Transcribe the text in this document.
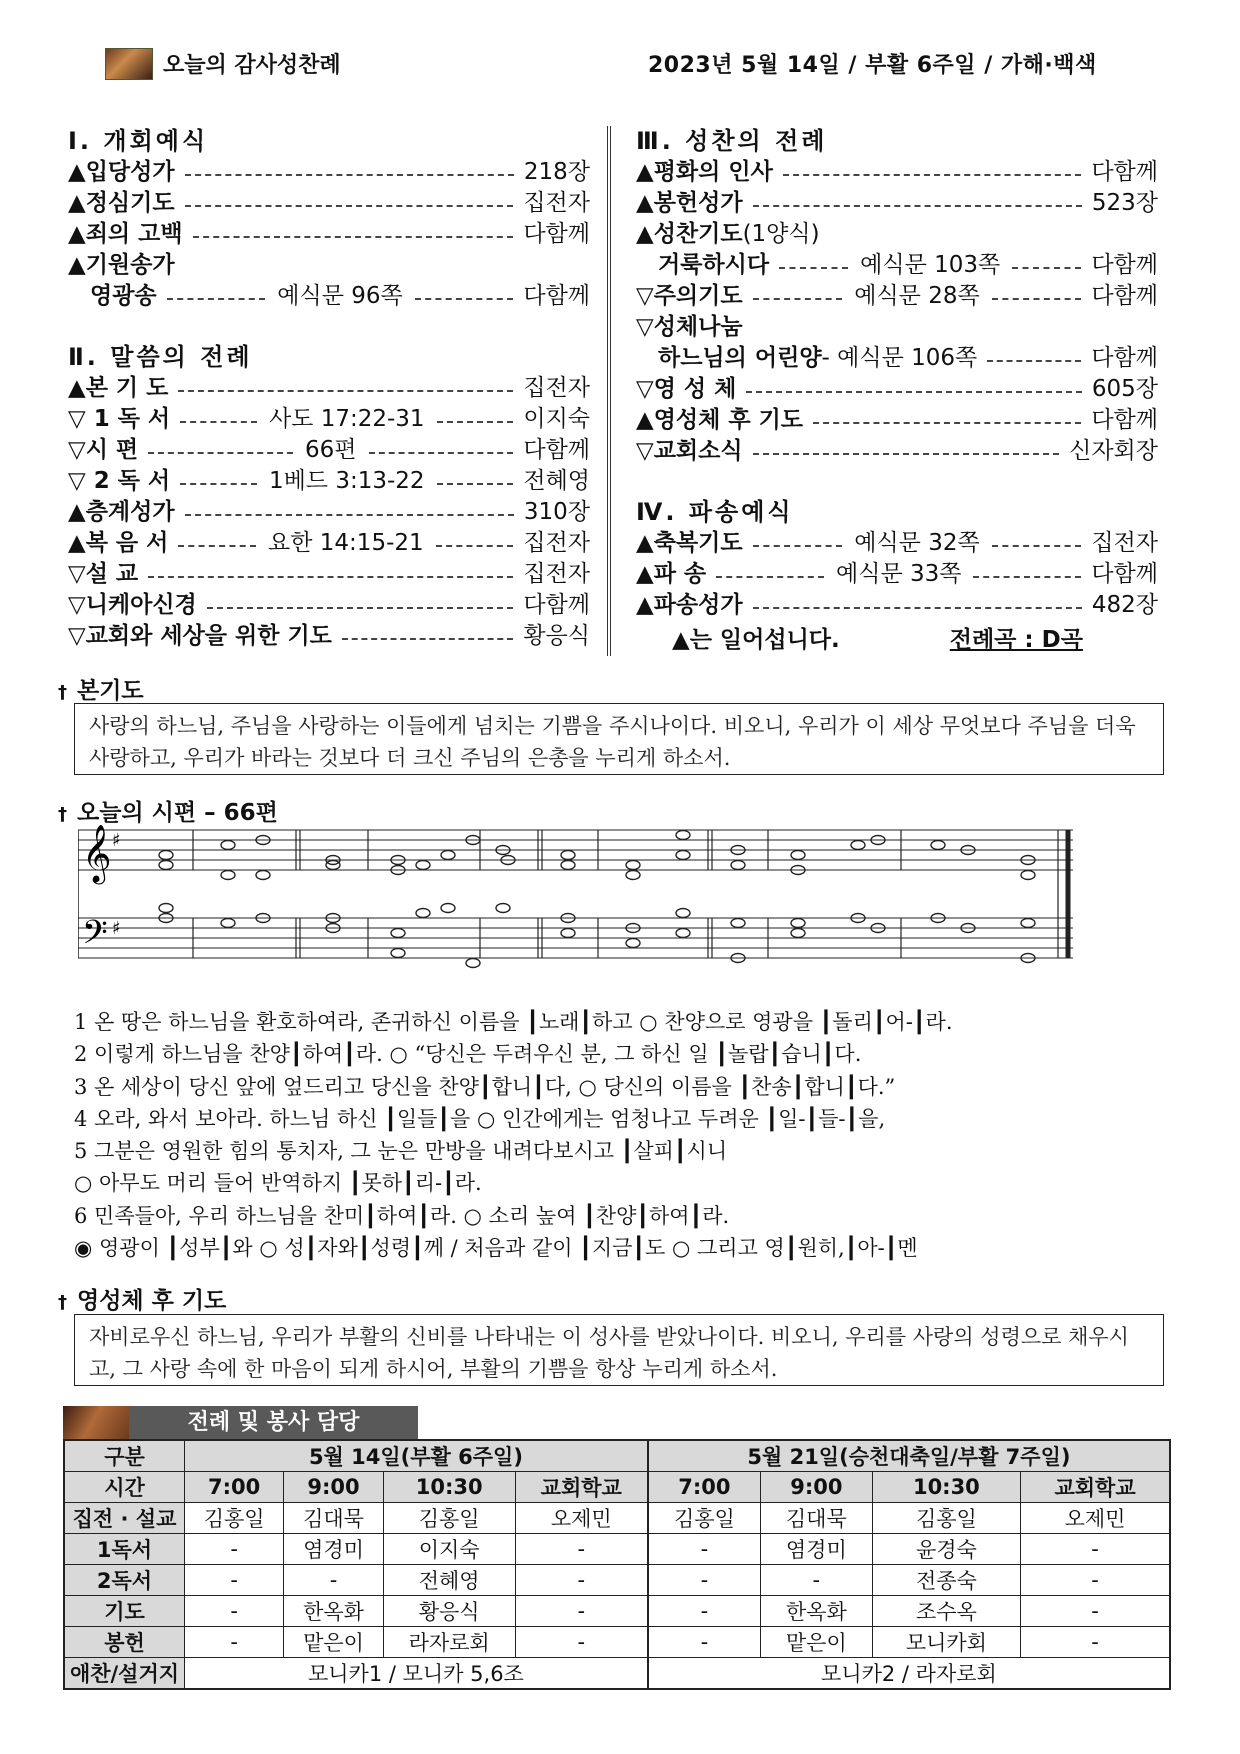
오늘의 감사성찬례	2023년 5월 14일 / 부활 6주일 / 가해·백색
Ⅰ. 개회예식
▲입당성가	218장
▲정심기도	집전자
▲죄의 고백	다함께
▲기원송가
영광송	예식문 96쪽	다함께
Ⅱ. 말씀의 전례
▲본 기 도	집전자
▽ 1 독 서	사도 17:22-31	이지숙
▽시 편	66편	다함께
▽ 2 독 서	1베드 3:13-22	전혜영
▲층계성가	310장
▲복 음 서	요한 14:15-21	집전자
▽설 교	집전자
▽니케아신경	다함께
▽교회와 세상을 위한 기도	황응식
Ⅲ. 성찬의 전례
▲평화의 인사	다함께
▲봉헌성가	523장
▲성찬기도 (1양식)
거룩하시다	예식문 103쪽	다함께
▽주의기도	예식문 28쪽	다함께
▽성체나눔
하느님의 어린양 - 예식문 106쪽	다함께
▽영 성 체	605장
▲영성체 후 기도	다함께
▽교회소식	신자회장
Ⅳ. 파송예식
▲축복기도	예식문 32쪽	집전자
▲파 송	예식문 33쪽	다함께
▲파송성가	482장
▲는 일어섭니다.	전례곡 : D곡
† 본기도
사랑의 하느님, 주님을 사랑하는 이들에게 넘치는 기쁨을 주시나이다. 비오니, 우리가 이 세상 무엇보다 주님을 더욱 사랑하고, 우리가 바라는 것보다 더 크신 주님의 은총을 누리게 하소서.
† 오늘의 시편 – 66편
𝄞
𝄢
♯
♯
1 온 땅은 하느님을 환호하여라, 존귀하신 이름을 ┃노래┃하고 ○ 찬양으로 영광을 ┃돌리┃어-┃라.
2 이렇게 하느님을 찬양┃하여┃라. ○ “당신은 두려우신 분, 그 하신 일 ┃놀랍┃습니┃다.
3 온 세상이 당신 앞에 엎드리고 당신을 찬양┃합니┃다, ○ 당신의 이름을 ┃찬송┃합니┃다.”
4 오라, 와서 보아라. 하느님 하신 ┃일들┃을 ○ 인간에게는 엄청나고 두려운 ┃일-┃들-┃을,
5 그분은 영원한 힘의 통치자, 그 눈은 만방을 내려다보시고 ┃살피┃시니
○ 아무도 머리 들어 반역하지 ┃못하┃리-┃라.
6 민족들아, 우리 하느님을 찬미┃하여┃라. ○ 소리 높여 ┃찬양┃하여┃라.
◉ 영광이 ┃성부┃와 ○ 성┃자와┃성령┃께 / 처음과 같이 ┃지금┃도 ○ 그리고 영┃원히,┃아-┃멘
† 영성체 후 기도
자비로우신 하느님, 우리가 부활의 신비를 나타내는 이 성사를 받았나이다. 비오니, 우리를 사랑의 성령으로 채우시고, 그 사랑 속에 한 마음이 되게 하시어, 부활의 기쁨을 항상 누리게 하소서.
전례 및 봉사 담당
구분	5월 14일(부활 6주일)				5월 21일(승천대축일/부활 7주일)			
시간	7:00	9:00	10:30	교회학교	7:00	9:00	10:30	교회학교
집전 · 설교	김홍일	김대묵	김홍일	오제민	김홍일	김대묵	김홍일	오제민
1독서	-	염경미	이지숙	-	-	염경미	윤경숙	-
2독서	-	-	전혜영	-	-	-	전종숙	-
기도	-	한옥화	황응식	-	-	한옥화	조수옥	-
봉헌	-	맡은이	라자로회	-	-	맡은이	모니카회	-
애찬/설거지	모니카1 / 모니카 5,6조				모니카2 / 라자로회			
